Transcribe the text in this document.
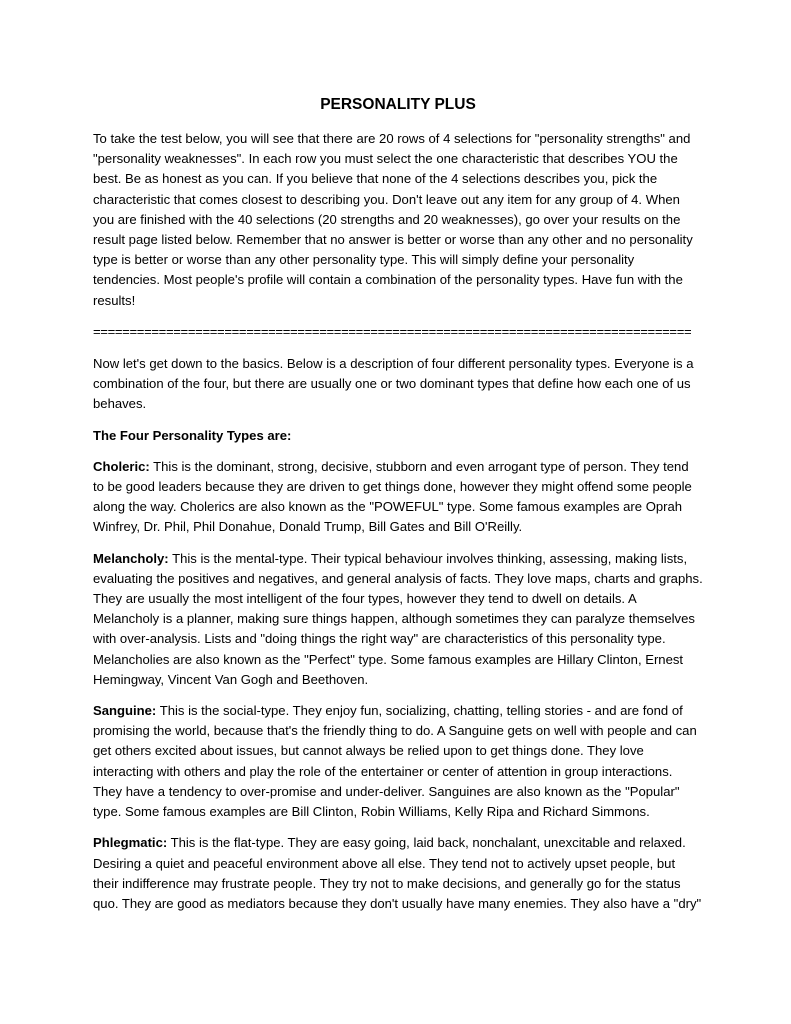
PERSONALITY PLUS

To take the test below, you will see that there are 20 rows of 4 selections for "personality strengths" and "personality weaknesses". In each row you must select the one characteristic that describes YOU the best. Be as honest as you can. If you believe that none of the 4 selections describes you, pick the characteristic that comes closest to describing you. Don't leave out any item for any group of 4. When you are finished with the 40 selections (20 strengths and 20 weaknesses), go over your results on the result page listed below. Remember that no answer is better or worse than any other and no personality type is better or worse than any other personality type. This will simply define your personality tendencies. Most people's profile will contain a combination of the personality types. Have fun with the results!

==================================================================================

Now let's get down to the basics. Below is a description of four different personality types. Everyone is a combination of the four, but there are usually one or two dominant types that define how each one of us behaves.

The Four Personality Types are:

Choleric: This is the dominant, strong, decisive, stubborn and even arrogant type of person. They tend to be good leaders because they are driven to get things done, however they might offend some people along the way. Cholerics are also known as the "POWEFUL" type. Some famous examples are Oprah Winfrey, Dr. Phil, Phil Donahue, Donald Trump, Bill Gates and Bill O'Reilly.

Melancholy: This is the mental-type. Their typical behaviour involves thinking, assessing, making lists, evaluating the positives and negatives, and general analysis of facts. They love maps, charts and graphs. They are usually the most intelligent of the four types, however they tend to dwell on details. A Melancholy is a planner, making sure things happen, although sometimes they can paralyze themselves with over-analysis. Lists and "doing things the right way" are characteristics of this personality type. Melancholies are also known as the "Perfect" type. Some famous examples are Hillary Clinton, Ernest Hemingway, Vincent Van Gogh and Beethoven.

Sanguine: This is the social-type. They enjoy fun, socializing, chatting, telling stories - and are fond of promising the world, because that's the friendly thing to do. A Sanguine gets on well with people and can get others excited about issues, but cannot always be relied upon to get things done. They love interacting with others and play the role of the entertainer or center of attention in group interactions. They have a tendency to over-promise and under-deliver. Sanguines are also known as the "Popular" type. Some famous examples are Bill Clinton, Robin Williams, Kelly Ripa and Richard Simmons.

Phlegmatic: This is the flat-type. They are easy going, laid back, nonchalant, unexcitable and relaxed. Desiring a quiet and peaceful environment above all else. They tend not to actively upset people, but their indifference may frustrate people. They try not to make decisions, and generally go for the status quo. They are good as mediators because they don't usually have many enemies. They also have a "dry"
